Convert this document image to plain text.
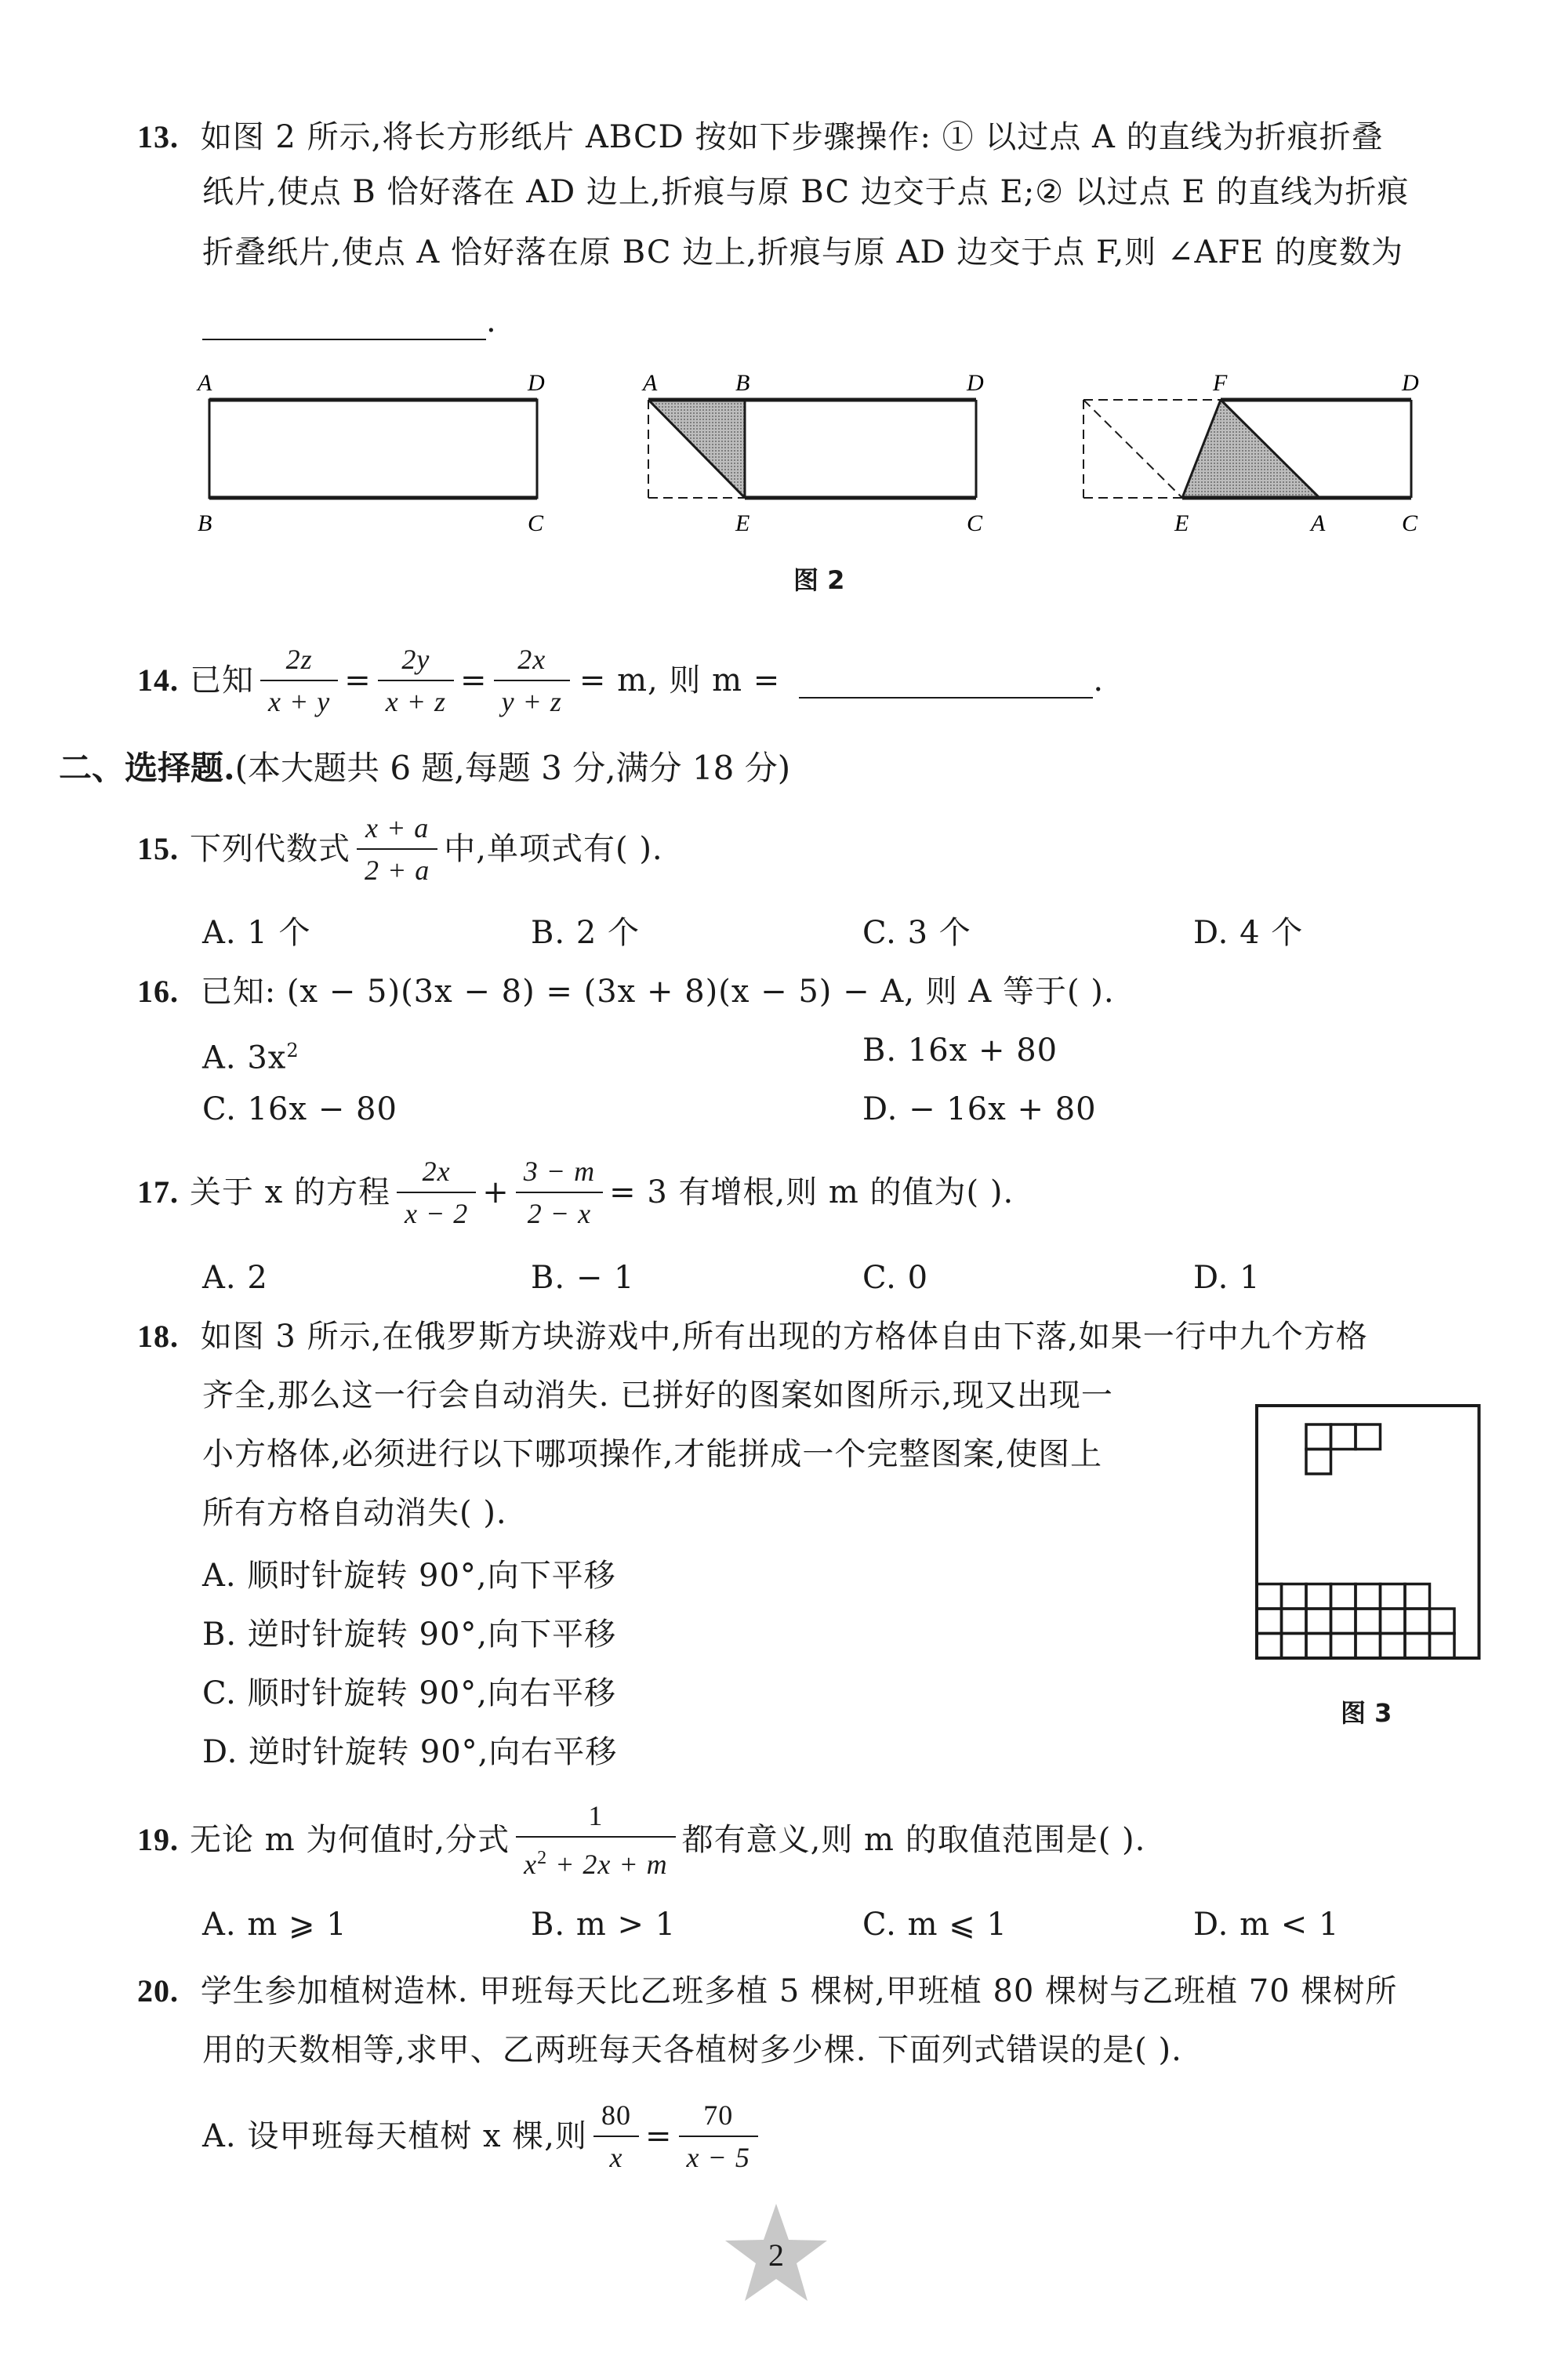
13. 如图 2 所示,将长方形纸片 ABCD 按如下步骤操作: ① 以过点 A 的直线为折痕折叠
纸片,使点 B 恰好落在 AD 边上,折痕与原 BC 边交于点 E;② 以过点 E 的直线为折痕
折叠纸片,使点 A 恰好落在原 BC 边上,折痕与原 AD 边交于点 F,则 ∠AFE 的度数为
.
A	D
B	C
A	B	D
E	C
F	D
E	A	C
图 2
14. 已知 $\frac{2z}{x + y} = \frac{2y}{x + z} = \frac{2x}{y + z} = m$, 则 m =	.
二、选择题.(本大题共 6 题,每题 3 分,满分 18 分)
15. 下列代数式 $\frac{x + a}{2 + a}$ 中,单项式有( ).
A. 1 个	B. 2 个	C. 3 个	D. 4 个
16. 已知: (x − 5)(3x − 8) = (3x + 8)(x − 5) − A, 则 A 等于( ).
A. $3x^2$	B. 16x + 80
C. 16x − 80	D. − 16x + 80
17. 关于 x 的方程 $\frac{2x}{x - 2} + \frac{3 - m}{2 - x} = 3$ 有增根,则 m 的值为( ).
A. 2	B. − 1	C. 0	D. 1
18. 如图 3 所示,在俄罗斯方块游戏中,所有出现的方格体自由下落,如果一行中九个方格
齐全,那么这一行会自动消失. 已拼好的图案如图所示,现又出现一
小方格体,必须进行以下哪项操作,才能拼成一个完整图案,使图上
所有方格自动消失( ).
A. 顺时针旋转 90°,向下平移
B. 逆时针旋转 90°,向下平移
C. 顺时针旋转 90°,向右平移
D. 逆时针旋转 90°,向右平移
图 3
19. 无论 m 为何值时,分式 $\frac{1}{x^2 + 2x + m}$ 都有意义,则 m 的取值范围是( ).
A. m ⩾ 1	B. m > 1	C. m ⩽ 1	D. m < 1
20. 学生参加植树造林. 甲班每天比乙班多植 5 棵树,甲班植 80 棵树与乙班植 70 棵树所
用的天数相等,求甲、乙两班每天各植树多少棵. 下面列式错误的是( ).
A. 设甲班每天植树 x 棵,则 $\frac{80}{x} = \frac{70}{x - 5}$
2
